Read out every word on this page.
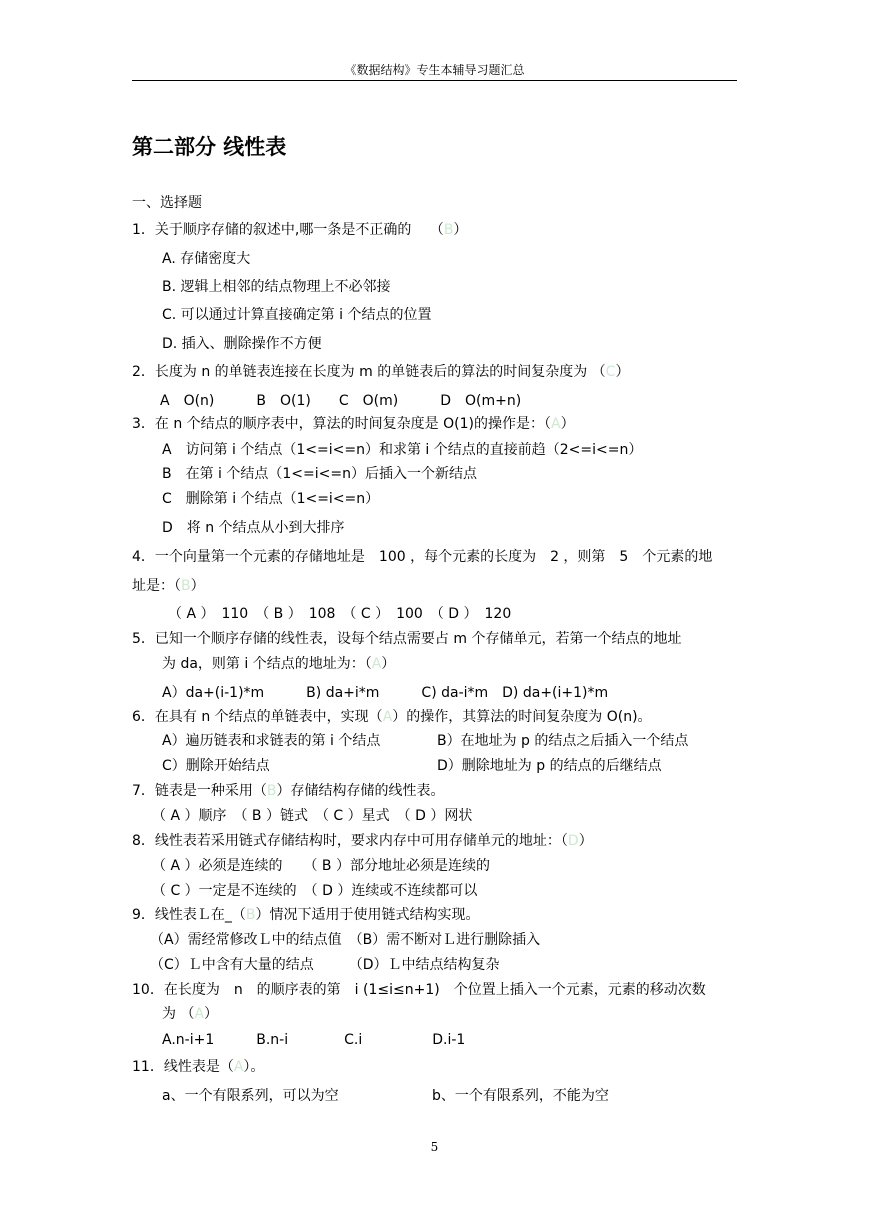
《数据结构》专生本辅导习题汇总
第二部分 线性表
一、选择题
1．关于顺序存储的叙述中,哪一条是不正确的　 （B）
A. 存储密度大
B. 逻辑上相邻的结点物理上不必邻接
C. 可以通过计算直接确定第 i 个结点的位置
D. 插入、删除操作不方便
2．长度为 n 的单链表连接在长度为 m 的单链表后的算法的时间复杂度为 （C）
A　O(n)　　　B　O(1)　　C　O(m)　　　D　O(m+n)
3．在 n 个结点的顺序表中，算法的时间复杂度是 O(1)的操作是：（A）
A　访问第 i 个结点（1<=i<=n）和求第 i 个结点的直接前趋（2<=i<=n）
B　在第 i 个结点（1<=i<=n）后插入一个新结点
C　删除第 i 个结点（1<=i<=n）
D　将 n 个结点从小到大排序
4．一个向量第一个元素的存储地址是　100 ，每个元素的长度为　2 ，则第　5　个元素的地
址是：（B）
（ A ）　110　（ B ）　108　（ C ）　100　（ D ）　120
5．已知一个顺序存储的线性表，设每个结点需要占 m 个存储单元，若第一个结点的地址
为 da，则第 i 个结点的地址为：（A）
A）da+(i-1)*m　　　B) da+i*m　　　C) da-i*m　D) da+(i+1)*m
6．在具有 n 个结点的单链表中，实现（A）的操作，其算法的时间复杂度为 O(n)。
A）遍历链表和求链表的第 i 个结点	B）在地址为 p 的结点之后插入一个结点
C）删除开始结点	D）删除地址为 p 的结点的后继结点
7．链表是一种采用（B）存储结构存储的线性表。
（ A ）顺序　（ B ）链式　（ C ）星式　（ D ）网状
8．线性表若采用链式存储结构时，要求内存中可用存储单元的地址：（D）
（ A ）必须是连续的　　（ B ）部分地址必须是连续的
（ C ）一定是不连续的　（ D ）连续或不连续都可以
9．线性表Ｌ在_（B）情况下适用于使用链式结构实现。
（A）需经常修改Ｌ中的结点值　（B）需不断对Ｌ进行删除插入
（C）Ｌ中含有大量的结点　　　（D）Ｌ中结点结构复杂
10．在长度为　n　的顺序表的第　i (1≤i≤n+1)　个位置上插入一个元素，元素的移动次数
为 （A）
A.n-i+1　　　B.n-i　　　　C.i　　　　　D.i-1
11．线性表是（A）。
a、一个有限系列，可以为空	b、一个有限系列，不能为空
5
